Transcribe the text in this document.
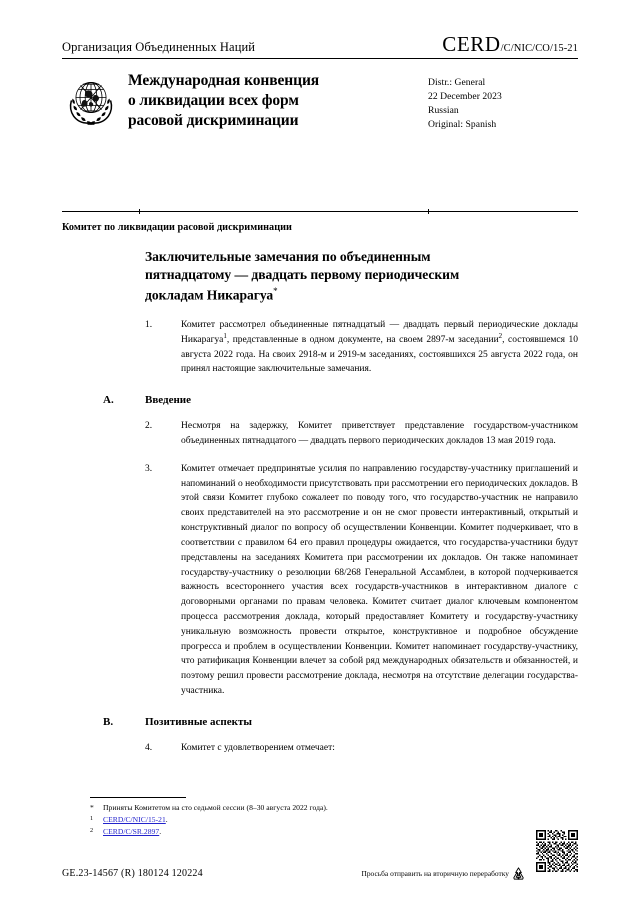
Организация Объединенных Наций	CERD /C/NIC/CO/15-21
Международная конвенция
о ликвидации всех форм
расовой дискриминации
Distr.: General
22 December 2023
Russian
Original: Spanish
Комитет по ликвидации расовой дискриминации
Заключительные замечания по объединенным
пятнадцатому — двадцать первому периодическим
докладам Никарагуа*
1.	Комитет рассмотрел объединенные пятнадцатый — двадцать первый периодические доклады Никарагуа$^1$, представленные в одном документе, на своем 2897-м заседании$^2$, состоявшемся 10 августа 2022 года. На своих 2918-м и 2919-м заседаниях, состоявшихся 25 августа 2022 года, он принял настоящие заключительные замечания.
A.	Введение
2.	Несмотря на задержку, Комитет приветствует представление государством-участником объединенных пятнадцатого — двадцать первого периодических докладов 13 мая 2019 года.
3.	Комитет отмечает предпринятые усилия по направлению государству-участнику приглашений и напоминаний о необходимости присутствовать при рассмотрении его периодических докладов. В этой связи Комитет глубоко сожалеет по поводу того, что государство-участник не направило своих представителей на это рассмотрение и он не смог провести интерактивный, открытый и конструктивный диалог по вопросу об осуществлении Конвенции. Комитет подчеркивает, что в соответствии с правилом 64 его правил процедуры ожидается, что государства-участники будут представлены на заседаниях Комитета при рассмотрении их докладов. Он также напоминает государству-участнику о резолюции 68/268 Генеральной Ассамблеи, в которой подчеркивается важность всестороннего участия всех государств-участников в интерактивном диалоге с договорными органами по правам человека. Комитет считает диалог ключевым компонентом процесса рассмотрения доклада, который предоставляет Комитету и государству-участнику уникальную возможность провести открытое, конструктивное и подробное обсуждение прогресса и проблем в осуществлении Конвенции. Комитет напоминает государству-участнику, что ратификация Конвенции влечет за собой ряд международных обязательств и обязанностей, и поэтому решил провести рассмотрение доклада, несмотря на отсутствие делегации государства-участника.
B.	Позитивные аспекты
4.	Комитет с удовлетворением отмечает:
*	Приняты Комитетом на сто седьмой сессии (8–30 августа 2022 года).
1	CERD/C/NIC/15-21.
2	CERD/C/SR.2897.
GE.23-14567 (R) 180124 120224	Просьба отправить на вторичную переработку
